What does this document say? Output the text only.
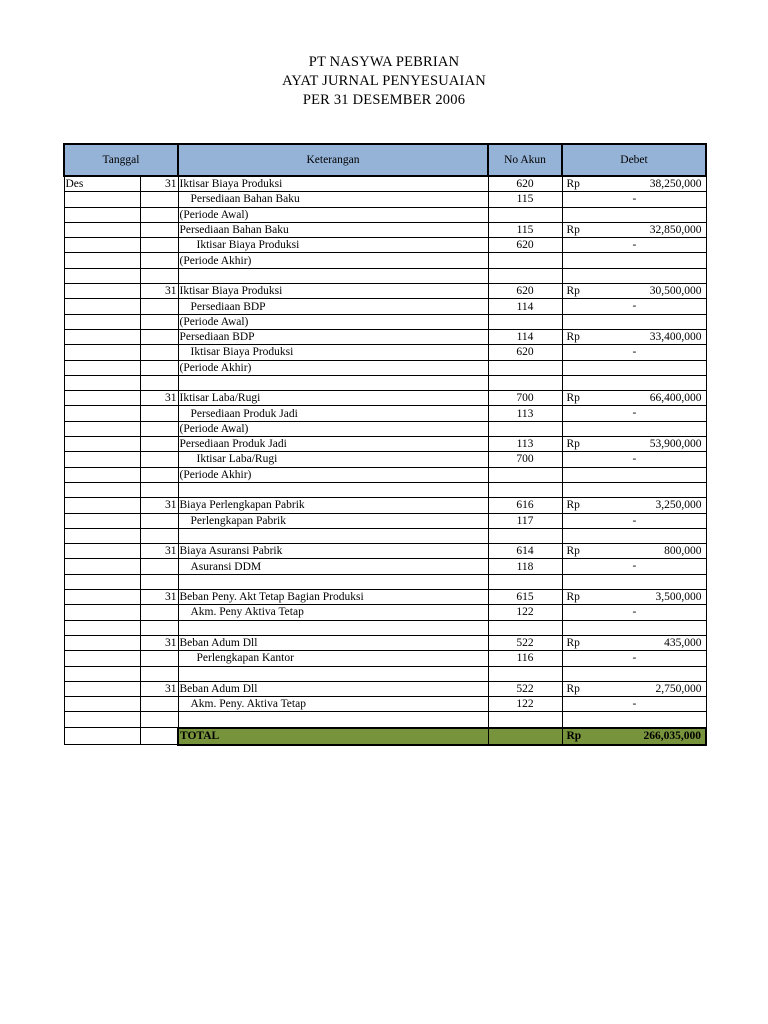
PT NASYWA PEBRIAN
AYAT JURNAL PENYESUAIAN
PER 31 DESEMBER 2006
Tanggal		Keterangan	No Akun	Debet
Des	31	Iktisar Biaya Produksi	620	Rp 38,250,000

		Persediaan Bahan Baku	115	-

		(Periode Awal)		

		Persediaan Bahan Baku	115	Rp 32,850,000

		Iktisar Biaya Produksi	620	-

		(Periode Akhir)		

	31	Iktisar Biaya Produksi	620	Rp 30,500,000

		Persediaan BDP	114	-

		(Periode Awal)		

		Persediaan BDP	114	Rp 33,400,000

		Iktisar Biaya Produksi	620	-

		(Periode Akhir)		

	31	Iktisar Laba/Rugi	700	Rp 66,400,000

		Persediaan Produk Jadi	113	-

		(Periode Awal)		

		Persediaan Produk Jadi	113	Rp 53,900,000

		Iktisar Laba/Rugi	700	-

		(Periode Akhir)		

	31	Biaya Perlengkapan Pabrik	616	Rp 3,250,000

		Perlengkapan Pabrik	117	-

	31	Biaya Asuransi Pabrik	614	Rp 800,000

		Asuransi DDM	118	-

	31	Beban Peny. Akt Tetap Bagian Produksi	615	Rp 3,500,000

		Akm. Peny Aktiva Tetap	122	-

	31	Beban Adum Dll	522	Rp 435,000

		Perlengkapan Kantor	116	-

	31	Beban Adum Dll	522	Rp 2,750,000

		Akm. Peny. Aktiva Tetap	122	-

		TOTAL		Rp 266,035,000
